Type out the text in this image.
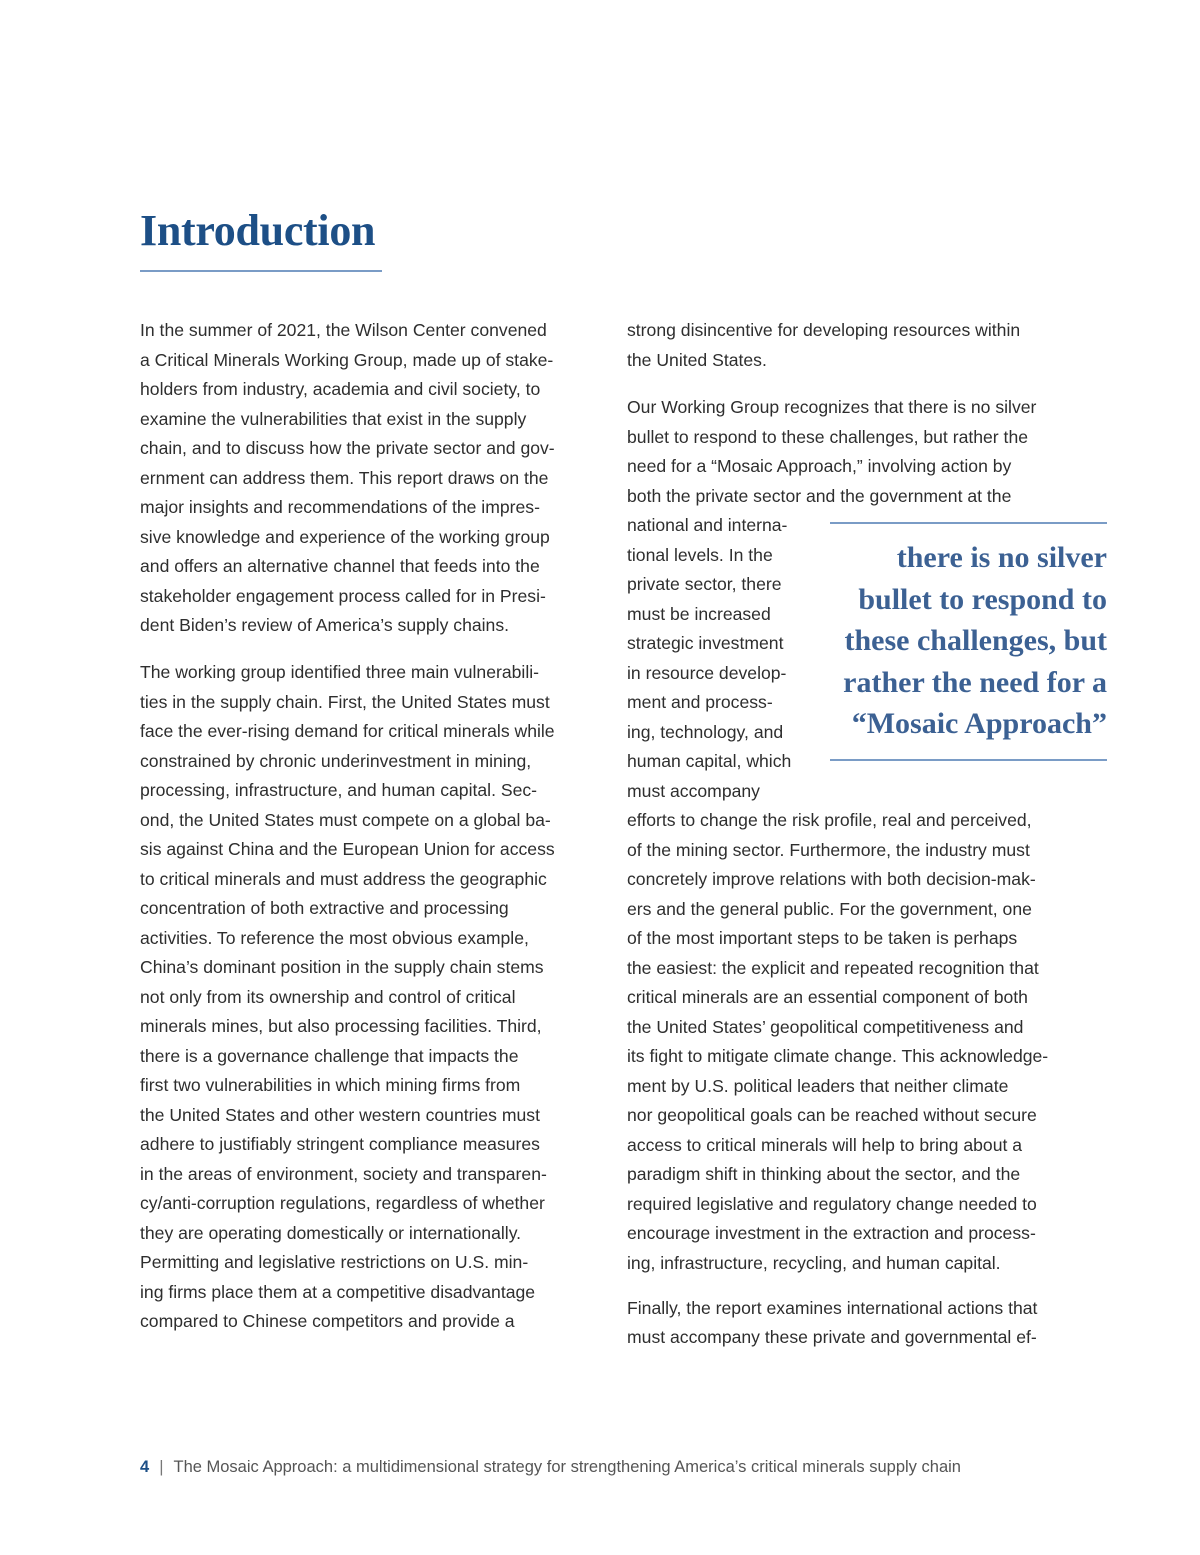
Introduction
In the summer of 2021, the Wilson Center convened
a Critical Minerals Working Group, made up of stake-
holders from industry, academia and civil society, to
examine the vulnerabilities that exist in the supply
chain, and to discuss how the private sector and gov-
ernment can address them. This report draws on the
major insights and recommendations of the impres-
sive knowledge and experience of the working group
and offers an alternative channel that feeds into the
stakeholder engagement process called for in Presi-
dent Biden’s review of America’s supply chains.
The working group identified three main vulnerabili-
ties in the supply chain. First, the United States must
face the ever-rising demand for critical minerals while
constrained by chronic underinvestment in mining,
processing, infrastructure, and human capital. Sec-
ond, the United States must compete on a global ba-
sis against China and the European Union for access
to critical minerals and must address the geographic
concentration of both extractive and processing
activities. To reference the most obvious example,
China’s dominant position in the supply chain stems
not only from its ownership and control of critical
minerals mines, but also processing facilities. Third,
there is a governance challenge that impacts the
first two vulnerabilities in which mining firms from
the United States and other western countries must
adhere to justifiably stringent compliance measures
in the areas of environment, society and transparen-
cy/anti-corruption regulations, regardless of whether
they are operating domestically or internationally.
Permitting and legislative restrictions on U.S. min-
ing firms place them at a competitive disadvantage
compared to Chinese competitors and provide a
strong disincentive for developing resources within
the United States.
Our Working Group recognizes that there is no silver
bullet to respond to these challenges, but rather the
need for a “Mosaic Approach,” involving action by
both the private sector and the government at the
national and interna-
tional levels. In the
private sector, there
must be increased
strategic investment
in resource develop-
ment and process-
ing, technology, and
human capital, which
must accompany
efforts to change the risk profile, real and perceived,
of the mining sector. Furthermore, the industry must
concretely improve relations with both decision-mak-
ers and the general public. For the government, one
of the most important steps to be taken is perhaps
the easiest: the explicit and repeated recognition that
critical minerals are an essential component of both
the United States’ geopolitical competitiveness and
its fight to mitigate climate change. This acknowledge-
ment by U.S. political leaders that neither climate
nor geopolitical goals can be reached without secure
access to critical minerals will help to bring about a
paradigm shift in thinking about the sector, and the
required legislative and regulatory change needed to
encourage investment in the extraction and process-
ing, infrastructure, recycling, and human capital.
Finally, the report examines international actions that
must accompany these private and governmental ef-
there is no silver
bullet to respond to
these challenges, but
rather the need for a
“Mosaic Approach”
4 | The Mosaic Approach: a multidimensional strategy for strengthening America’s critical minerals supply chain
